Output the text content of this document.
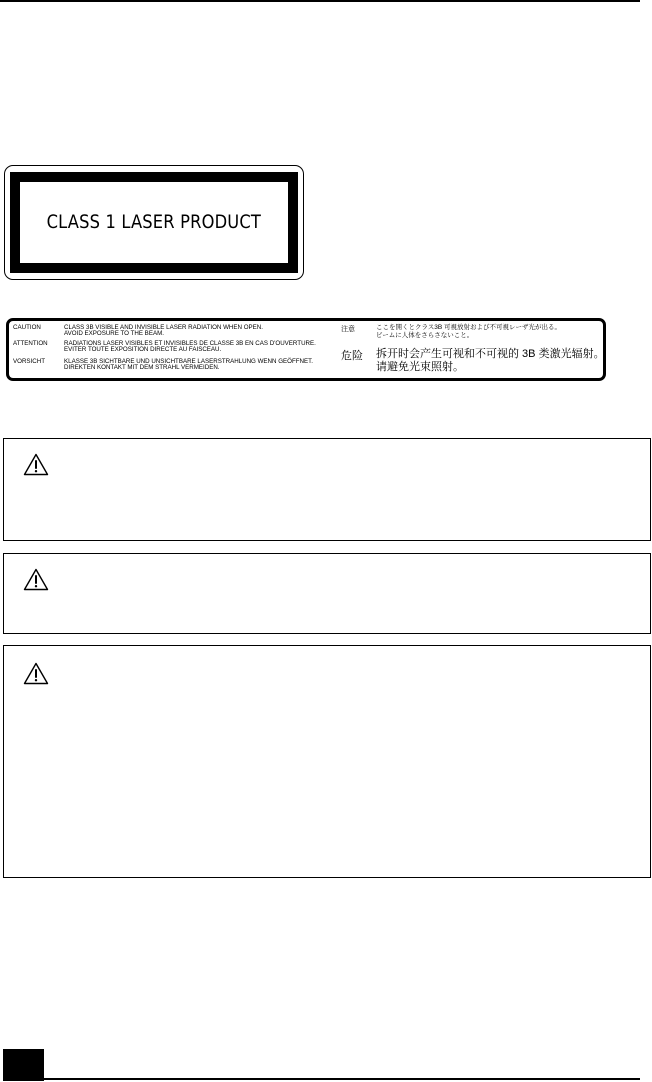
CLASS 1 LASER PRODUCT
CAUTION	CLASS 3B VISIBLE AND INVISIBLE LASER RADIATION WHEN OPEN.
AVOID EXPOSURE TO THE BEAM.
ATTENTION	RADIATIONS LASER VISIBLES ET INVISIBLES DE CLASSE 3B EN CAS D'OUVERTURE.
EVITER TOUTE EXPOSITION DIRECTE AU FAISCEAU.
VORSICHT	KLASSE 3B SICHTBARE UND UNSICHTBARE LASERSTRAHLUNG WENN GEÖFFNET.
DIREKTEN KONTAKT MIT DEM STRAHL VERMEIDEN.
注意	ここを開くとクラス3B 可視放射および不可視レーザ光が出る。
ビームに人体をさらさないこと。
危险 拆开时会产生可视和不可视的 3B 类激光辐射。
请避免光束照射。
